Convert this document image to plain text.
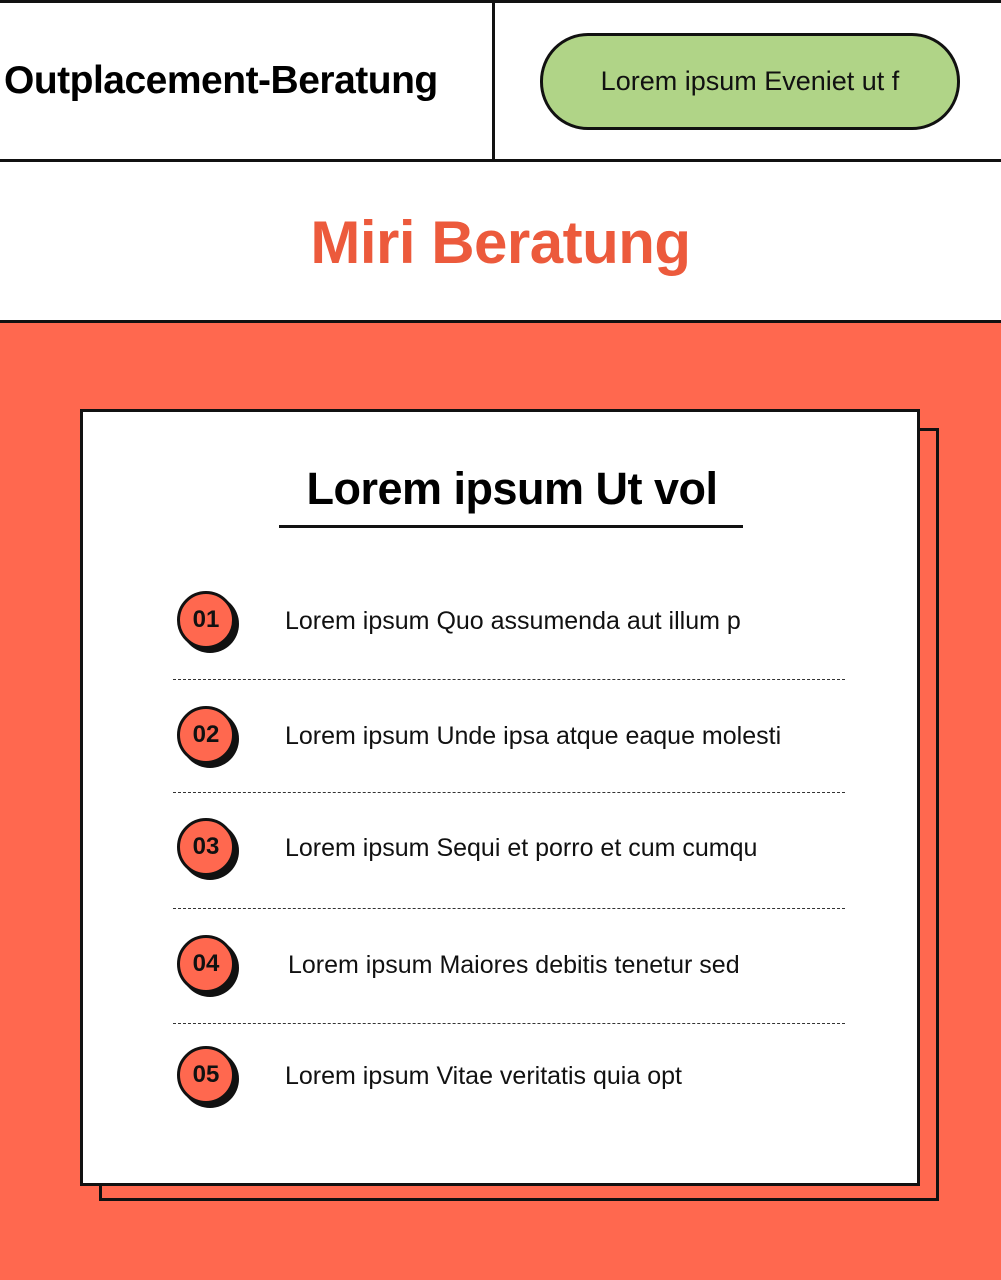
Outplacement-Beratung	Lorem ipsum Eveniet ut f
Miri Beratung
Lorem ipsum Ut vol
01	Lorem ipsum Quo assumenda aut illum p
02	Lorem ipsum Unde ipsa atque eaque molesti
03	Lorem ipsum Sequi et porro et cum cumqu
04	Lorem ipsum Maiores debitis tenetur sed
05	Lorem ipsum Vitae veritatis quia opt
